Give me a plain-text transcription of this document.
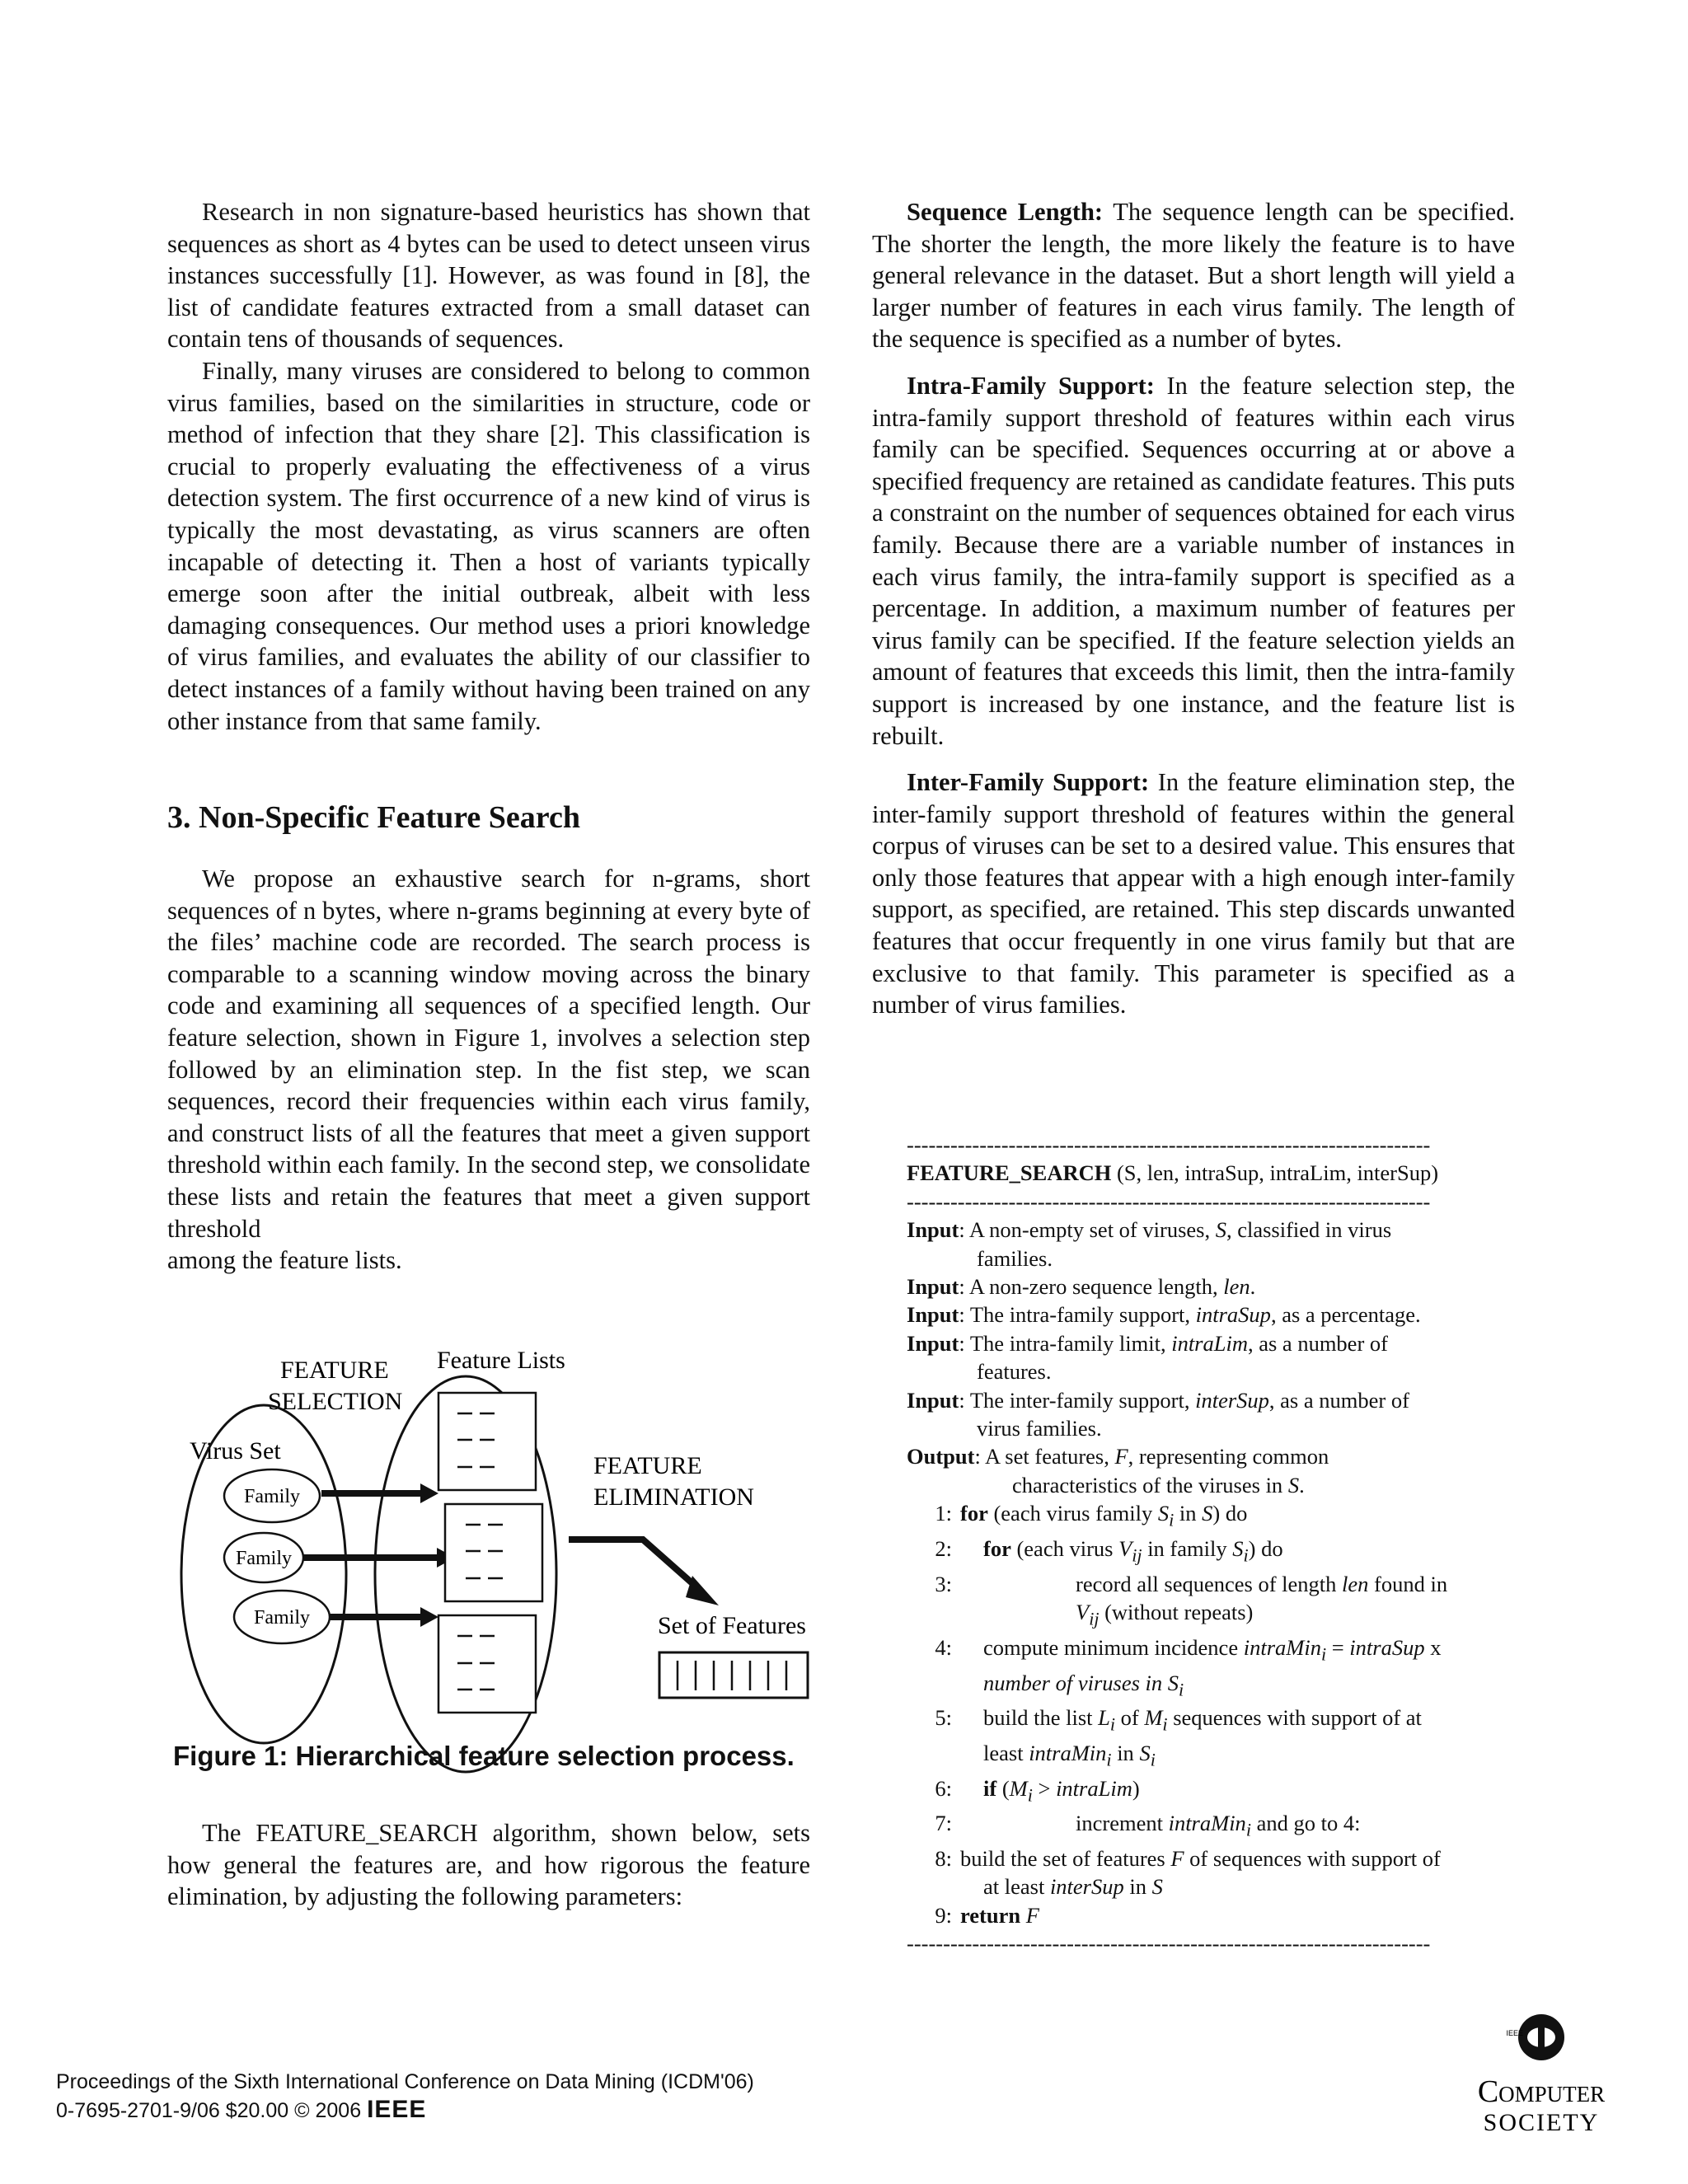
Research in non signature-based heuristics has shown that sequences as short as 4 bytes can be used to detect unseen virus instances successfully [1]. However, as was found in [8], the list of candidate features extracted from a small dataset can contain tens of thousands of sequences.

Finally, many viruses are considered to belong to common virus families, based on the similarities in structure, code or method of infection that they share [2]. This classification is crucial to properly evaluating the effectiveness of a virus detection system. The first occurrence of a new kind of virus is typically the most devastating, as virus scanners are often incapable of detecting it. Then a host of variants typically emerge soon after the initial outbreak, albeit with less damaging consequences. Our method uses a priori knowledge of virus families, and evaluates the ability of our classifier to detect instances of a family without having been trained on any other instance from that same family.

3. Non-Specific Feature Search

We propose an exhaustive search for n-grams, short sequences of n bytes, where n-grams beginning at every byte of the files’ machine code are recorded. The search process is comparable to a scanning window moving across the binary code and examining all sequences of a specified length. Our feature selection, shown in Figure 1, involves a selection step followed by an elimination step. In the fist step, we scan sequences, record their frequencies within each virus family, and construct lists of all the features that meet a given support threshold within each family. In the second step, we consolidate these lists and retain the features that meet a given support threshold

among the feature lists.
FEATURE
SELECTION
Feature Lists
Virus Set
Family
Family
Family
FEATURE
ELIMINATION
Set of Features
Figure 1: Hierarchical feature selection process.

The FEATURE_SEARCH algorithm, shown below, sets how general the features are, and how rigorous the feature elimination, by adjusting the following parameters:

Sequence Length: The sequence length can be specified. The shorter the length, the more likely the feature is to have general relevance in the dataset. But a short length will yield a larger number of features in each virus family. The length of the sequence is specified as a number of bytes.

Intra-Family Support: In the feature selection step, the intra-family support threshold of features within each virus family can be specified. Sequences occurring at or above a specified frequency are retained as candidate features. This puts a constraint on the number of sequences obtained for each virus family. Because there are a variable number of instances in each virus family, the intra-family support is specified as a percentage. In addition, a maximum number of features per virus family can be specified. If the feature selection yields an amount of features that exceeds this limit, then the intra-family support is increased by one instance, and the feature list is rebuilt.

Inter-Family Support: In the feature elimination step, the inter-family support threshold of features within the general corpus of viruses can be set to a desired value. This ensures that only those features that appear with a high enough inter-family support, as specified, are retained. This step discards unwanted features that occur frequently in one virus family but that are exclusive to that family. This parameter is specified as a number of virus families.

------------------------------------------------------------------------
FEATURE_SEARCH (S, len, intraSup, intraLim, interSup)
------------------------------------------------------------------------
Input: A non-empty set of viruses, S, classified in virus
families.
Input: A non-zero sequence length, len.
Input: The intra-family support, intraSup, as a percentage.
Input: The intra-family limit, intraLim, as a number of
features.
Input: The inter-family support, interSup, as a number of
virus families.
Output: A set features, F, representing common
characteristics of the viruses in S.
1: for (each virus family $S_i$ in S) do
2:	for (each virus $V_{ij}$ in family $S_i$) do
3:	record all sequences of length len found in
$V_{ij}$ (without repeats)
4:	compute minimum incidence intraMin$_i$ = intraSup x
number of viruses in $S_i$
5:	build the list $L_i$ of $M_i$ sequences with support of at
least intraMin$_i$ in $S_i$
6:	if ($M_i$ > intraLim)
7:	increment intraMin$_i$ and go to 4:
8: build the set of features F of sequences with support of
at least interSup in S
9: return F
------------------------------------------------------------------------
Proceedings of the Sixth International Conference on Data Mining (ICDM'06)
0-7695-2701-9/06 $20.00 © 2006 IEEE
IEEE
Computer
SOCIETY
